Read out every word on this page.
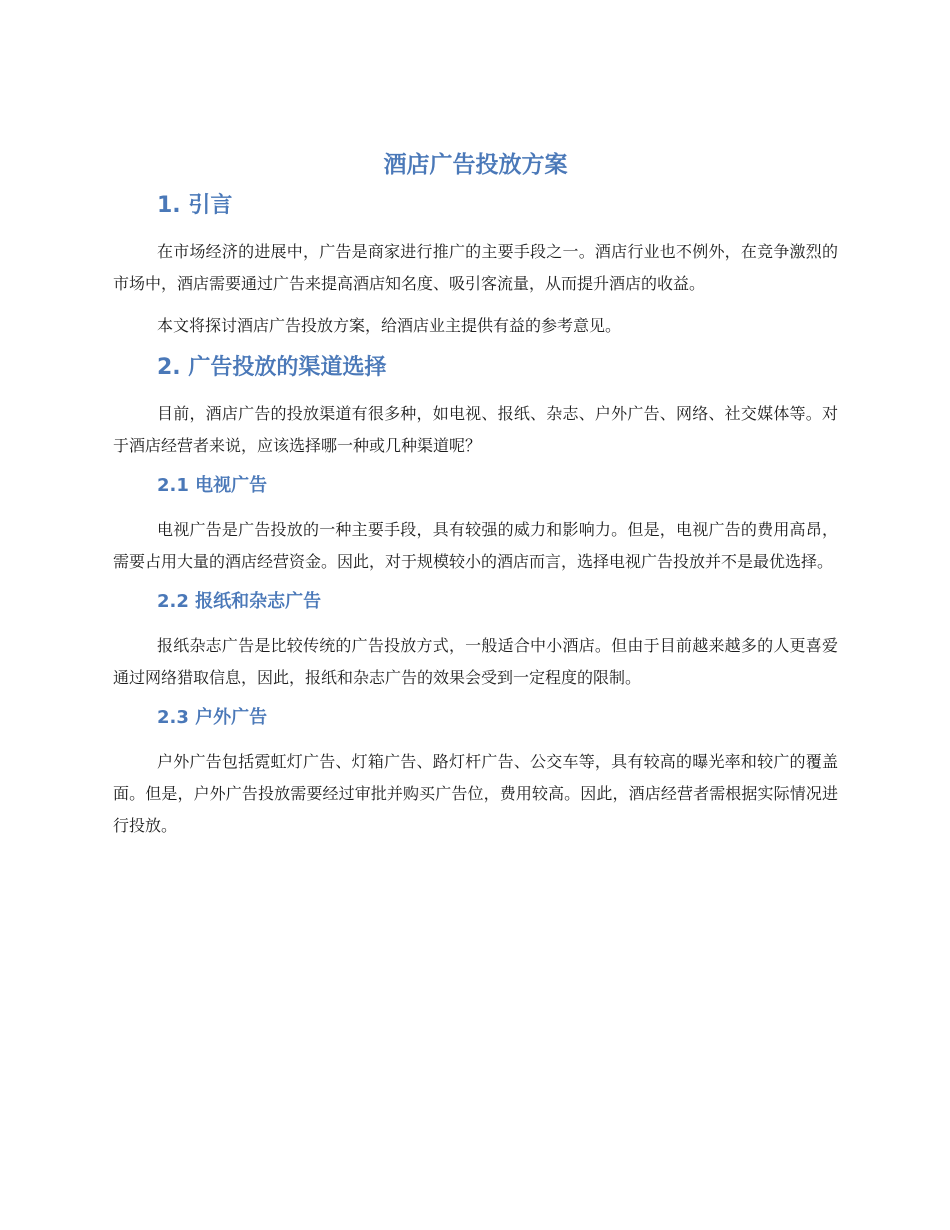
酒店广告投放方案
1. 引言

在市场经济的进展中，广告是商家进行推广的主要手段之一。酒店行业也不例外，在竞争激烈的市场中，酒店需要通过广告来提高酒店知名度、吸引客流量，从而提升酒店的收益。

本文将探讨酒店广告投放方案，给酒店业主提供有益的参考意见。

2. 广告投放的渠道选择

目前，酒店广告的投放渠道有很多种，如电视、报纸、杂志、户外广告、网络、社交媒体等。对于酒店经营者来说，应该选择哪一种或几种渠道呢？

2.1 电视广告

电视广告是广告投放的一种主要手段，具有较强的威力和影响力。但是，电视广告的费用高昂，需要占用大量的酒店经营资金。因此，对于规模较小的酒店而言，选择电视广告投放并不是最优选择。

2.2 报纸和杂志广告

报纸杂志广告是比较传统的广告投放方式，一般适合中小酒店。但由于目前越来越多的人更喜爱通过网络猎取信息，因此，报纸和杂志广告的效果会受到一定程度的限制。

2.3 户外广告

户外广告包括霓虹灯广告、灯箱广告、路灯杆广告、公交车等，具有较高的曝光率和较广的覆盖面。但是，户外广告投放需要经过审批并购买广告位，费用较高。因此，酒店经营者需根据实际情况进行投放。
